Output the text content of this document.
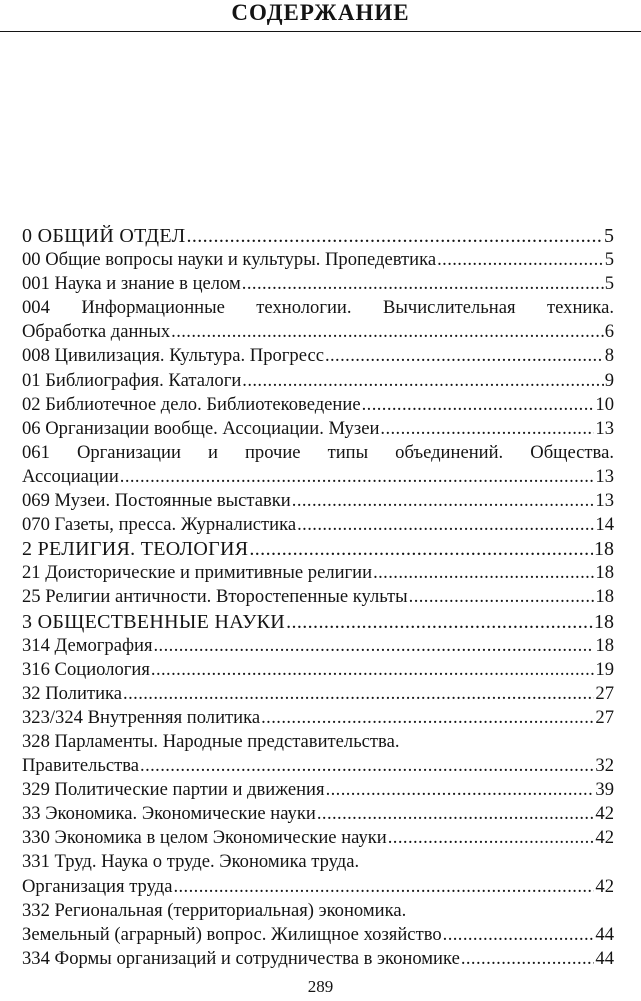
СОДЕРЖАНИЕ
0 ОБЩИЙ ОТДЕЛ .....	5
00 Общие вопросы науки и культуры. Пропедевтика .....	5
001 Наука и знание в целом .....	5
004 Информационные технологии. Вычислительная техника.
Обработка данных .....	6
008 Цивилизация. Культура. Прогресс .....	8
01 Библиография. Каталоги .....	9
02 Библиотечное дело. Библиотековедение .....	10
06 Организации вообще. Ассоциации. Музеи .....	13
061 Организации и прочие типы объединений. Общества.
Ассоциации .....	13
069 Музеи. Постоянные выставки .....	13
070 Газеты, пресса. Журналистика .....	14
2 РЕЛИГИЯ. ТЕОЛОГИЯ .....	18
21 Доисторические и примитивные религии .....	18
25 Религии античности. Второстепенные культы .....	18
3 ОБЩЕСТВЕННЫЕ НАУКИ .....	18
314 Демография .....	18
316 Социология .....	19
32 Политика .....	27
323/324 Внутренняя политика .....	27
328 Парламенты. Народные представительства.
Правительства .....	32
329 Политические партии и движения .....	39
33 Экономика. Экономические науки .....	42
330 Экономика в целом Экономические науки .....	42
331 Труд. Наука о труде. Экономика труда.
Организация труда .....	42
332 Региональная (территориальная) экономика.
Земельный (аграрный) вопрос. Жилищное хозяйство .....	44
334 Формы организаций и сотрудничества в экономике .....	44
289
